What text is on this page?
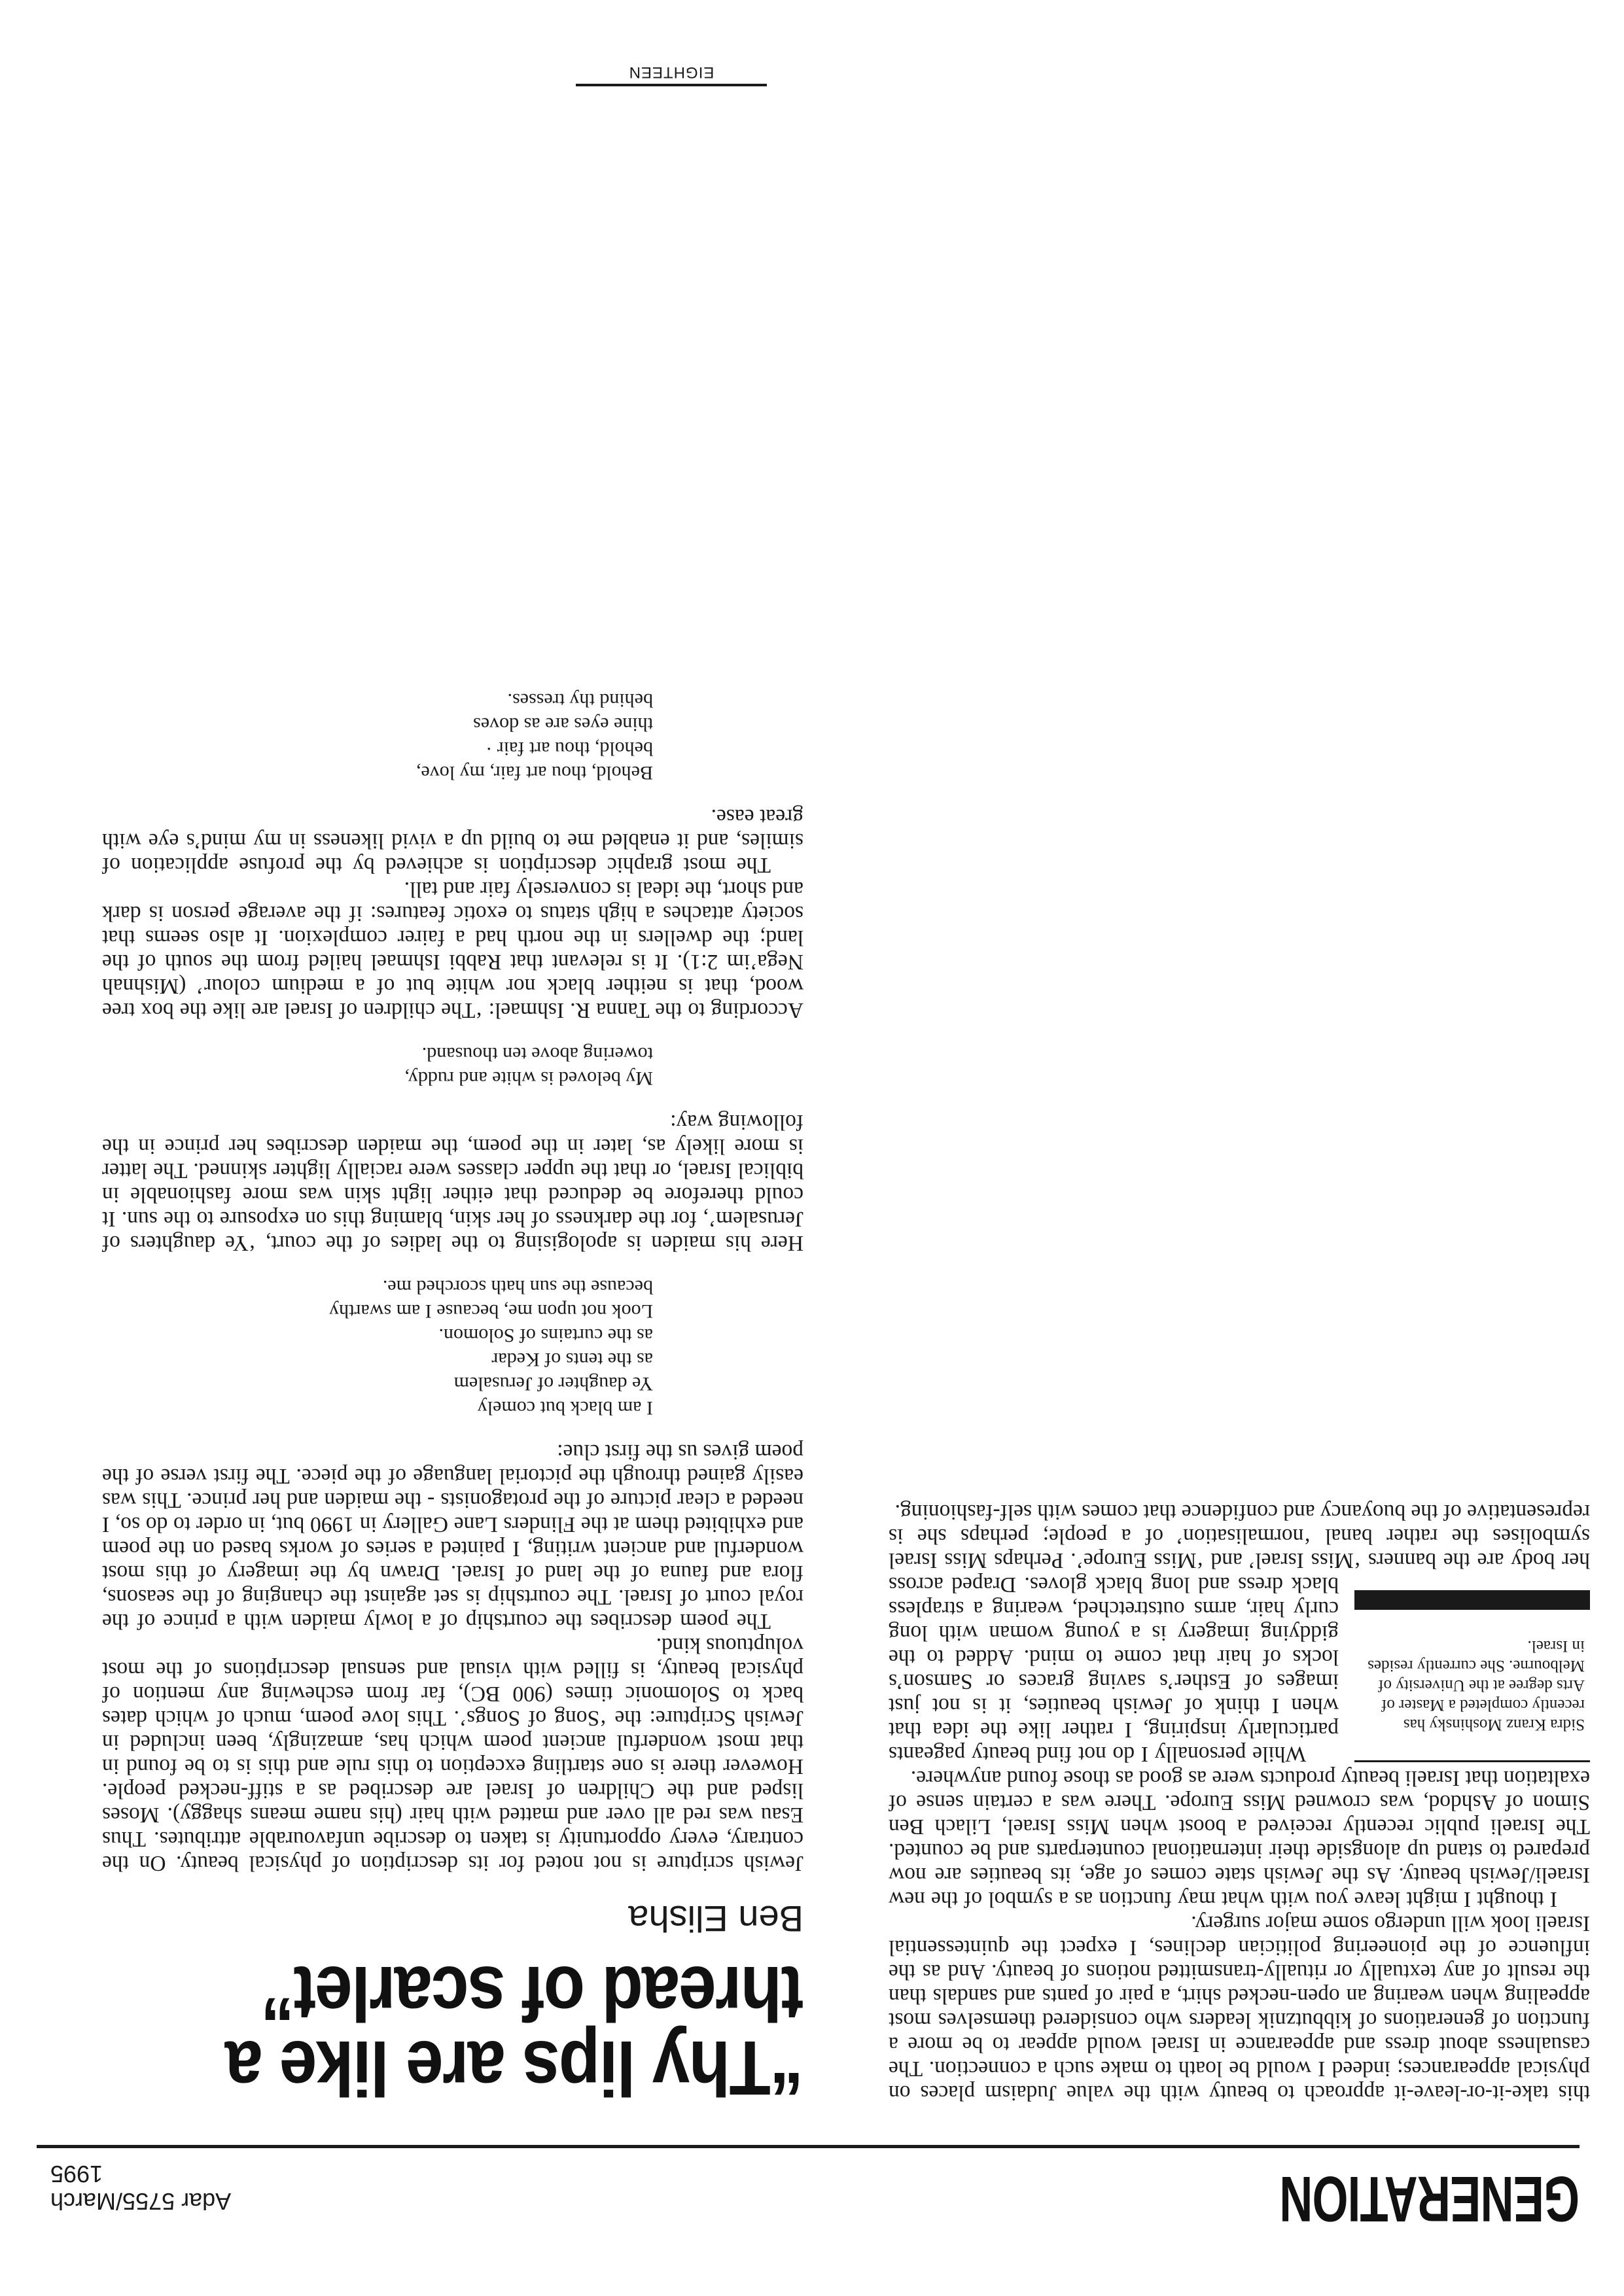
GENERATION
Adar 5755/March 1995

this take-it-or-leave-it approach to beauty with the value Judaism places on physical appearances; indeed I would be loath to make such a connection. The casualness about dress and appearance in Israel would appear to be more a function of generations of kibbutznik leaders who considered themselves most appealing when wearing an open-necked shirt, a pair of pants and sandals than the result of any textually or ritually-transmitted notions of beauty. And as the influence of the pioneering politician declines, I expect the quintessential Israeli look will undergo some major surgery.

I thought I might leave you with what may function as a symbol of the new Israeli/Jewish beauty. As the Jewish state comes of age, its beauties are now prepared to stand up alongside their international counterparts and be counted. The Israeli public recently received a boost when Miss Israel, Lilach Ben Simon of Ashdod, was crowned Miss Europe. There was a certain sense of exaltation that Israeli beauty products were as good as those found anywhere.

Sidra Kranz Moshinsky has recently completed a Master of Arts degree at the University of Melbourne. She currently resides in Israel.

While personally I do not find beauty pageants particularly inspiring, I rather like the idea that when I think of Jewish beauties, it is not just images of Esther’s saving graces or Samson’s locks of hair that come to mind. Added to the giddying imagery is a young woman with long curly hair, arms outstretched, wearing a strapless black dress and long black gloves. Draped across her body are the banners ‘Miss Israel’ and ‘Miss Europe’. Perhaps Miss Israel symbolises the rather banal ‘normalisation’ of a people; perhaps she is representative of the buoyancy and confidence that comes with self-fashioning.

“Thy lips are like a thread of scarlet”
Ben Elisha

Jewish scripture is not noted for its description of physical beauty. On the contrary, every opportunity is taken to describe unfavourable attributes. Thus Esau was red all over and matted with hair (his name means shaggy). Moses lisped and the Children of Israel are described as a stiff-necked people. However there is one startling exception to this rule and this is to be found in that most wonderful ancient poem which has, amazingly, been included in Jewish Scripture: the ‘Song of Songs’. This love poem, much of which dates back to Solomonic times (900 BC), far from eschewing any mention of physical beauty, is filled with visual and sensual descriptions of the most voluptuous kind.

The poem describes the courtship of a lowly maiden with a prince of the royal court of Israel. The courtship is set against the changing of the seasons, flora and fauna of the land of Israel. Drawn by the imagery of this most wonderful and ancient writing, I painted a series of works based on the poem and exhibited them at the Flinders Lane Gallery in 1990 but, in order to do so, I needed a clear picture of the protagonists - the maiden and her prince. This was easily gained through the pictorial language of the piece. The first verse of the poem gives us the first clue:

I am black but comely
Ye daughter of Jerusalem
as the tents of Kedar
as the curtains of Solomon.
Look not upon me, because I am swarthy
because the sun hath scorched me.

Here his maiden is apologising to the ladies of the court, ‘Ye daughters of Jerusalem’, for the darkness of her skin, blaming this on exposure to the sun. It could therefore be deduced that either light skin was more fashionable in biblical Israel, or that the upper classes were racially lighter skinned. The latter is more likely as, later in the poem, the maiden describes her prince in the following way:

My beloved is white and ruddy,
towering above ten thousand.

According to the Tanna R. Ishmael: ‘The children of Israel are like the box tree wood, that is neither black nor white but of a medium colour’ (Mishnah Nega’im 2:1). It is relevant that Rabbi Ishmael hailed from the south of the land; the dwellers in the north had a fairer complexion. It also seems that society attaches a high status to exotic features: if the average person is dark and short, the ideal is conversely fair and tall.

The most graphic description is achieved by the profuse application of similes, and it enabled me to build up a vivid likeness in my mind’s eye with great ease.

Behold, thou art fair, my love,
behold, thou art fair ·
thine eyes are as doves
behind thy tresses.
EIGHTEEN
